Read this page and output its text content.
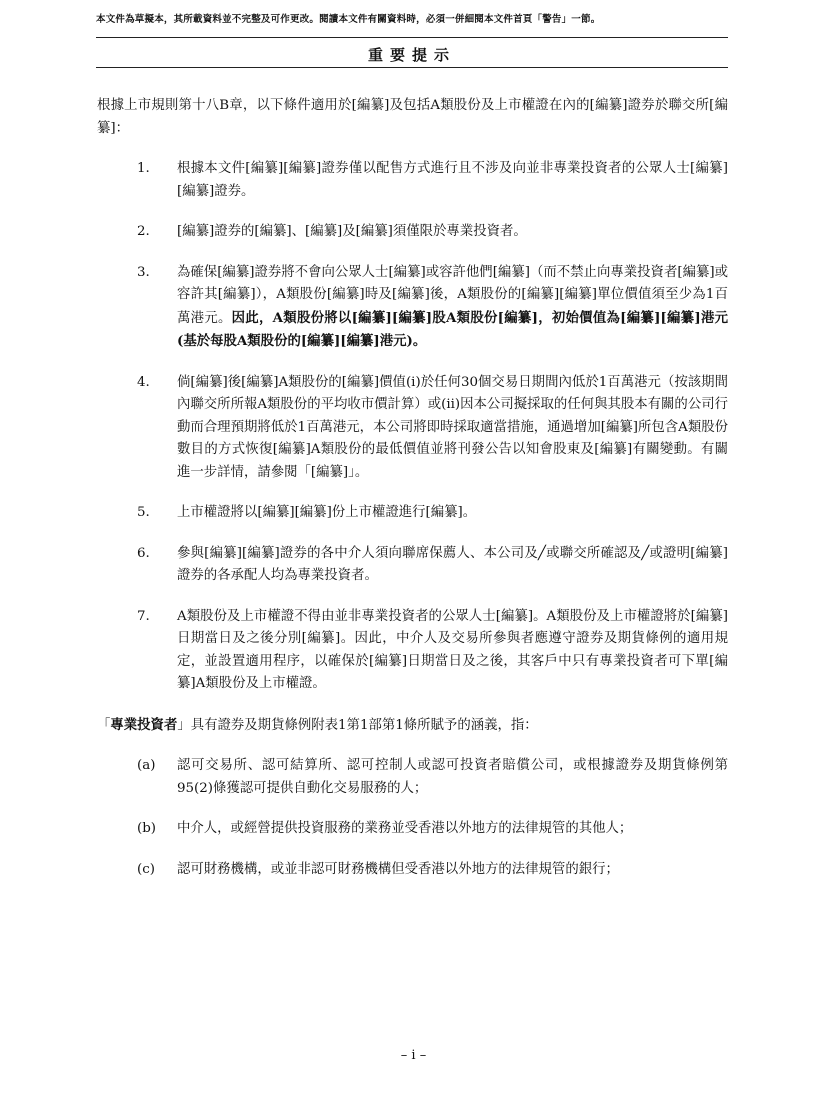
本文件為草擬本，其所載資料並不完整及可作更改。閱讀本文件有關資料時，必須一併細閱本文件首頁「警告」一節。
重要提示

根據上市規則第十八B章，以下條件適用於[編纂]及包括A類股份及上市權證在內的[編纂]證券於聯交所[編纂]：

1. 根據本文件[編纂][編纂]證券僅以配售方式進行且不涉及向並非專業投資者的公眾人士[編纂][編纂]證券。
2. [編纂]證券的[編纂]、[編纂]及[編纂]須僅限於專業投資者。
3. 為確保[編纂]證券將不會向公眾人士[編纂]或容許他們[編纂]（而不禁止向專業投資者[編纂]或容許其[編纂]），A類股份[編纂]時及[編纂]後，A類股份的[編纂][編纂]單位價值須至少為1百萬港元。因此，A類股份將以[編纂][編纂]股A類股份[編纂]，初始價值為[編纂][編纂]港元(基於每股A類股份的[編纂][編纂]港元)。
4. 倘[編纂]後[編纂]A類股份的[編纂]價值(i)於任何30個交易日期間內低於1百萬港元（按該期間內聯交所所報A類股份的平均收市價計算）或(ii)因本公司擬採取的任何與其股本有關的公司行動而合理預期將低於1百萬港元，本公司將即時採取適當措施，通過增加[編纂]所包含A類股份數目的方式恢復[編纂]A類股份的最低價值並將刊發公告以知會股東及[編纂]有關變動。有關進一步詳情，請參閱「[編纂]」。
5. 上市權證將以[編纂][編纂]份上市權證進行[編纂]。
6. 參與[編纂][編纂]證券的各中介人須向聯席保薦人、本公司及╱或聯交所確認及╱或證明[編纂]證券的各承配人均為專業投資者。
7. A類股份及上市權證不得由並非專業投資者的公眾人士[編纂]。A類股份及上市權證將於[編纂]日期當日及之後分別[編纂]。因此，中介人及交易所參與者應遵守證券及期貨條例的適用規定，並設置適用程序，以確保於[編纂]日期當日及之後，其客戶中只有專業投資者可下單[編纂]A類股份及上市權證。

「專業投資者」具有證券及期貨條例附表1第1部第1條所賦予的涵義，指：

(a) 認可交易所、認可結算所、認可控制人或認可投資者賠償公司，或根據證券及期貨條例第95(2)條獲認可提供自動化交易服務的人；
(b) 中介人，或經營提供投資服務的業務並受香港以外地方的法律規管的其他人；
(c) 認可財務機構，或並非認可財務機構但受香港以外地方的法律規管的銀行；
– i –
